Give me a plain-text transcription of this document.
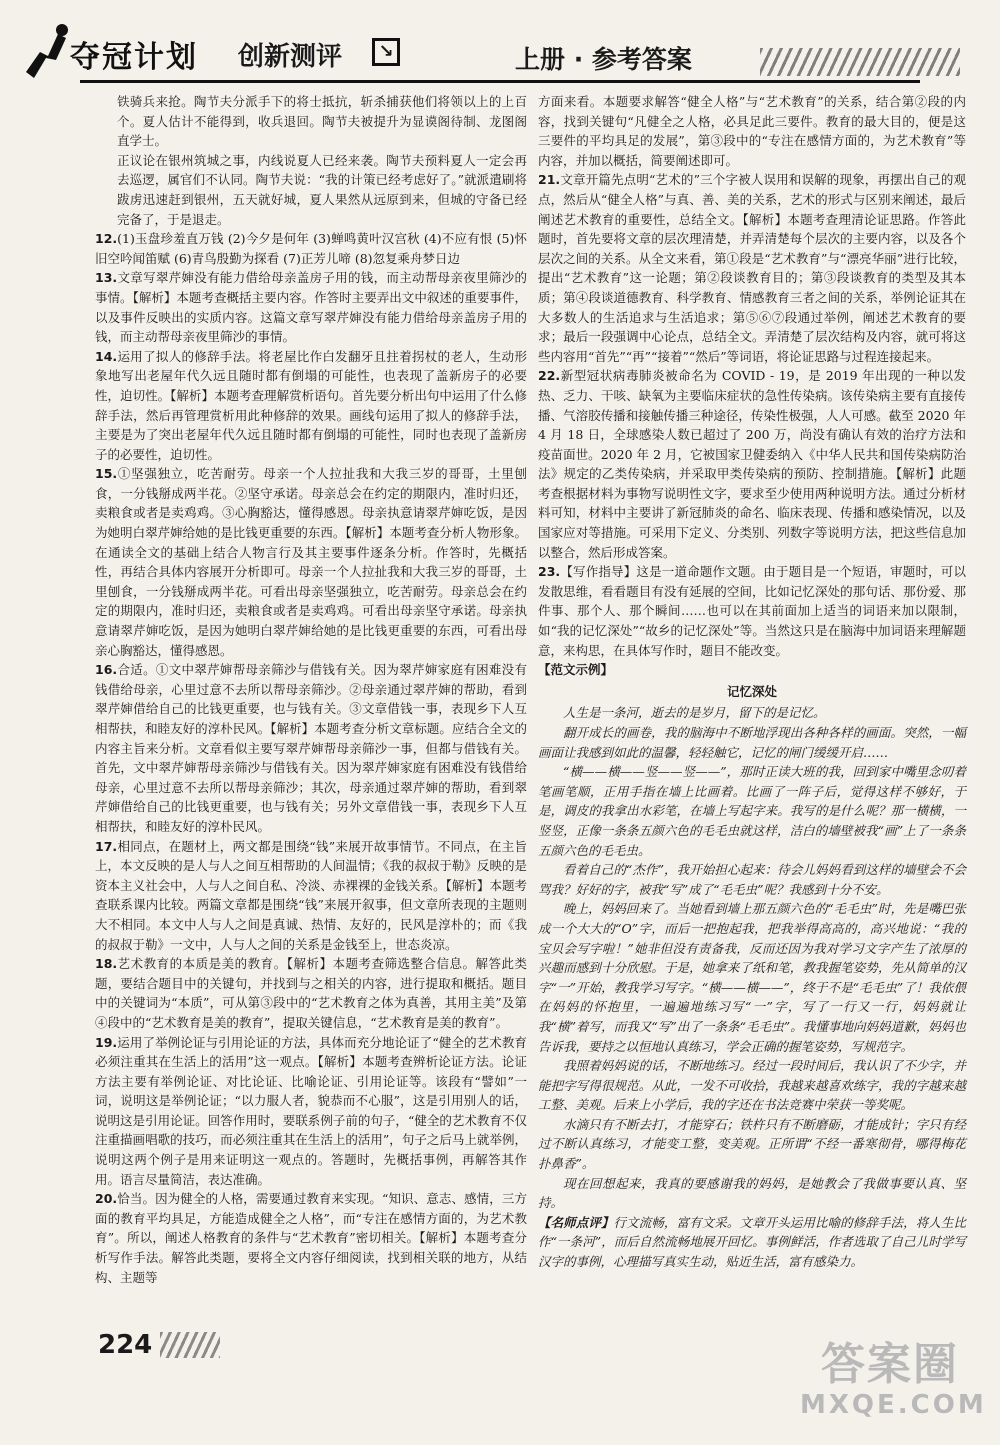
夺冠计划 创新测评	↘	上册 · 参考答案

铁骑兵来抢。陶节夫分派手下的将士抵抗，斩杀捕获他们将领以上的上百个。夏人估计不能得到，收兵退回。陶节夫被提升为显谟阁待制、龙图阁直学士。

正议论在银州筑城之事，内线说夏人已经来袭。陶节夫预料夏人一定会再去巡逻，属官们不认同。陶节夫说：“我的计策已经考虑好了。”就派遣刷将跋虏迅速赶到银州，五天就好城，夏人果然从远原到来，但城的守备已经完备了，于是退走。

12.(1)玉盘珍羞直万钱 (2)今夕是何年 (3)蝉鸣黄叶汉宫秋 (4)不应有恨 (5)怀旧空吟闻笛赋 (6)青鸟殷勤为探看 (7)正芳儿啼 (8)忽复乘舟梦日边

13.文章写翠芹婶没有能力借给母亲盖房子用的钱，而主动帮母亲夜里筛沙的事情。【解析】本题考查概括主要内容。作答时主要弄出文中叙述的重要事件，以及事件反映出的实质内容。这篇文章写翠芹婶没有能力借给母亲盖房子用的钱，而主动帮母亲夜里筛沙的事情。

14.运用了拟人的修辞手法。将老屋比作白发翻牙且拄着拐杖的老人，生动形象地写出老屋年代久远且随时都有倒塌的可能性，也表现了盖新房子的必要性，迫切性。【解析】本题考查理解赏析语句。首先要分析出句中运用了什么修辞手法，然后再管理赏析用此种修辞的效果。画线句运用了拟人的修辞手法，主要是为了突出老屋年代久远且随时都有倒塌的可能性，同时也表现了盖新房子的必要性，迫切性。

15.①坚强独立，吃苦耐劳。母亲一个人拉扯我和大我三岁的哥哥，土里刨食，一分钱掰成两半花。②坚守承诺。母亲总会在约定的期限内，准时归还，卖粮食或者是卖鸡鸡。③心胸豁达，懂得感恩。母亲执意请翠芹婶吃饭，是因为她明白翠芹婶给她的是比钱更重要的东西。【解析】本题考查分析人物形象。在通读全文的基础上结合人物言行及其主要事件逐条分析。作答时，先概括性，再结合具体内容展开分析即可。母亲一个人拉扯我和大我三岁的哥哥，土里刨食，一分钱掰成两半花。可看出母亲坚强独立，吃苦耐劳。母亲总会在约定的期限内，准时归还，卖粮食或者是卖鸡鸡。可看出母亲坚守承诺。母亲执意请翠芹婶吃饭，是因为她明白翠芹婶给她的是比钱更重要的东西，可看出母亲心胸豁达，懂得感恩。

16.合适。①文中翠芹婶帮母亲筛沙与借钱有关。因为翠芹婶家庭有困难没有钱借给母亲，心里过意不去所以帮母亲筛沙。②母亲通过翠芹婶的帮助，看到翠芹婶借给自己的比钱更重要，也与钱有关。③文章借钱一事，表现乡下人互相帮扶，和睦友好的淳朴民风。【解析】本题考查分析文章标题。应结合全文的内容主旨来分析。文章看似主要写翠芹婶帮母亲筛沙一事，但都与借钱有关。首先，文中翠芹婶帮母亲筛沙与借钱有关。因为翠芹婶家庭有困难没有钱借给母亲，心里过意不去所以帮母亲筛沙；其次，母亲通过翠芹婶的帮助，看到翠芹婶借给自己的比钱更重要，也与钱有关；另外文章借钱一事，表现乡下人互相帮扶，和睦友好的淳朴民风。

17.相同点，在题材上，两文都是围绕“钱”来展开故事情节。不同点，在主旨上，本文反映的是人与人之间互相帮助的人间温情；《我的叔叔于勒》反映的是资本主义社会中，人与人之间自私、冷淡、赤裸裸的金钱关系。【解析】本题考查联系课内比较。两篇文章都是围绕“钱”来展开叙事，但文章所表现的主题则大不相同。本文中人与人之间是真诚、热情、友好的，民风是淳朴的；而《我的叔叔于勒》一文中，人与人之间的关系是金钱至上，世态炎凉。

18.艺术教育的本质是美的教育。【解析】本题考查筛选整合信息。解答此类题，要结合题目中的关键句，并找到与之相关的内容，进行提取和概括。题目中的关键词为“本质”，可从第③段中的“艺术教育之体为真善，其用主美”及第④段中的“艺术教育是美的教育”，提取关键信息，“艺术教育是美的教育”。

19.运用了举例论证与引用论证的方法，具体而充分地论证了“健全的艺术教育必须注重其在生活上的活用”这一观点。【解析】本题考查辨析论证方法。论证方法主要有举例论证、对比论证、比喻论证、引用论证等。该段有“譬如”一词，说明这是举例论证；“以力服人者，貌恭而不心服”，这是引用别人的话，说明这是引用论证。回答作用时，要联系例子前的句子，“健全的艺术教育不仅注重描画唱歌的技巧，而必须注重其在生活上的活用”，句子之后马上就举例，说明这两个例子是用来证明这一观点的。答题时，先概括事例，再解答其作用。语言尽量简洁，表达准确。

20.恰当。因为健全的人格，需要通过教育来实现。“知识、意志、感情，三方面的教育平均具足，方能造成健全之人格”，而“专注在感情方面的，为艺术教育”。所以，阐述人格教育的条件与“艺术教育”密切相关。【解析】本题考查分析写作手法。解答此类题，要将全文内容仔细阅读，找到相关联的地方，从结构、主题等

方面来看。本题要求解答“健全人格”与“艺术教育”的关系，结合第②段的内容，找到关键句“凡健全之人格，必具足此三要件。教育的最大目的，便是这三要件的平均具足的发展”，第③段中的“专注在感情方面的，为艺术教育”等内容，并加以概括，简要阐述即可。

21.文章开篇先点明“艺术的”三个字被人误用和误解的现象，再摆出自己的观点，然后从“健全人格”与真、善、美的关系，艺术的形式与区别来阐述，最后阐述艺术教育的重要性，总结全文。【解析】本题考查理清论证思路。作答此题时，首先要将文章的层次理清楚，并弄清楚每个层次的主要内容，以及各个层次之间的关系。从全文来看，第①段是“艺术教育”与“漂亮华丽”进行比较，提出“艺术教育”这一论题；第②段谈教育目的；第③段谈教育的类型及其本质；第④段谈道德教育、科学教育、情感教育三者之间的关系，举例论证其在大多数人的生活追求与生活追求；第⑤⑥⑦段通过举例，阐述艺术教育的要求；最后一段强调中心论点，总结全文。弄清楚了层次结构及内容，就可将这些内容用“首先”“再”“接着”“然后”等词语，将论证思路与过程连接起来。

22.新型冠状病毒肺炎被命名为 COVID - 19，是 2019 年出现的一种以发热、乏力、干咳、缺氧为主要临床症状的急性传染病。该传染病主要有直接传播、气溶胶传播和接触传播三种途径，传染性极强，人人可感。截至 2020 年 4 月 18 日，全球感染人数已超过了 200 万，尚没有确认有效的治疗方法和疫苗面世。2020 年 2 月，它被国家卫健委纳入《中华人民共和国传染病防治法》规定的乙类传染病，并采取甲类传染病的预防、控制措施。【解析】此题考查根据材料为事物写说明性文字，要求至少使用两种说明方法。通过分析材料可知，材料中主要讲了新冠肺炎的命名、临床表现、传播和感染情况，以及国家应对等措施。可采用下定义、分类别、列数字等说明方法，把这些信息加以整合，然后形成答案。

23.【写作指导】这是一道命题作文题。由于题目是一个短语，审题时，可以发散思维，看看题目有没有延展的空间，比如记忆深处的那句话、那份爱、那件事、那个人、那个瞬间……也可以在其前面加上适当的词语来加以限制，如“我的记忆深处”“故乡的记忆深处”等。当然这只是在脑海中加词语来理解题意，来构思，在具体写作时，题目不能改变。

【范文示例】
记忆深处

人生是一条河，逝去的是岁月，留下的是记忆。

翻开成长的画卷，我的脑海中不断地浮现出各种各样的画面。突然，一幅画面让我感到如此的温馨，轻轻触它，记忆的闸门缓缓开启……

“横——横——竖——竖——”，那时正读大班的我，回到家中嘴里念叨着笔画笔顺，正用手指在墙上比画着。比画了一阵子后，觉得这样不够好，于是，调皮的我拿出水彩笔，在墙上写起字来。我写的是什么呢？那一横横，一竖竖，正像一条条五颜六色的毛毛虫就这样，洁白的墙壁被我“画”上了一条条五颜六色的毛毛虫。

看着自己的“杰作”，我开始担心起来：待会儿妈妈看到这样的墙壁会不会骂我？好好的字，被我“写”成了“毛毛虫”呢？我感到十分不安。

晚上，妈妈回来了。当她看到墙上那五颜六色的“毛毛虫”时，先是嘴巴张成一个大大的“O”字，而后一把抱起我，把我举得高高的，高兴地说：“我的宝贝会写字啦！”她非但没有责备我，反而还因为我对学习文字产生了浓厚的兴趣而感到十分欣慰。于是，她拿来了纸和笔，教我握笔姿势，先从简单的汉字“一”开始，教我学习写字。“横——横——”，终于不是“毛毛虫”了！我依偎在妈妈的怀抱里，一遍遍地练习写“一”字，写了一行又一行，妈妈就让我“横”着写，而我又“写”出了一条条“毛毛虫”。我懂事地向妈妈道歉，妈妈也告诉我，要持之以恒地认真练习，学会正确的握笔姿势，写规范字。

我照着妈妈说的话，不断地练习。经过一段时间后，我认识了不少字，并能把字写得很规范。从此，一发不可收拾，我越来越喜欢练字，我的字越来越工整、美观。后来上小学后，我的字还在书法竞赛中荣获一等奖呢。

水滴只有不断去打，才能穿石；铁杵只有不断磨砺，才能成针；字只有经过不断认真练习，才能变工整，变美观。正所谓“不经一番寒彻骨，哪得梅花扑鼻香”。

现在回想起来，我真的要感谢我的妈妈，是她教会了我做事要认真、坚持。

【名师点评】行文流畅，富有文采。文章开头运用比喻的修辞手法，将人生比作“一条河”，而后自然流畅地展开回忆。事例鲜活，作者选取了自己儿时学写汉字的事例，心理描写真实生动，贴近生活，富有感染力。

224	答案圈
MXQE.COM
